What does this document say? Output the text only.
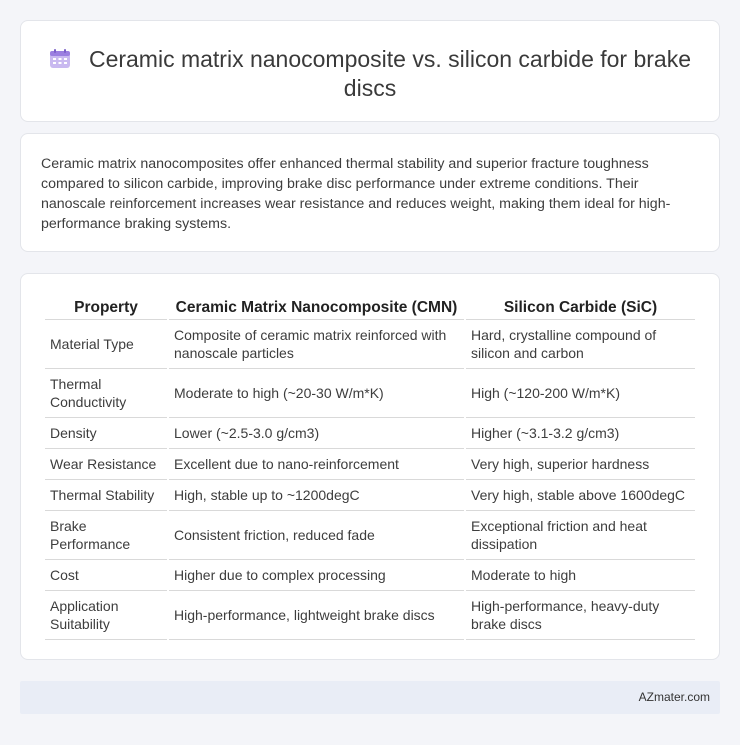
Ceramic matrix nanocomposite vs. silicon carbide for brake discs

Ceramic matrix nanocomposites offer enhanced thermal stability and superior fracture toughness compared to silicon carbide, improving brake disc performance under extreme conditions. Their nanoscale reinforcement increases wear resistance and reduces weight, making them ideal for high-performance braking systems.

Property	Ceramic Matrix Nanocomposite (CMN)	Silicon Carbide (SiC)
Material Type	Composite of ceramic matrix reinforced with nanoscale particles	Hard, crystalline compound of silicon and carbon
Thermal Conductivity	Moderate to high (~20-30 W/m*K)	High (~120-200 W/m*K)
Density	Lower (~2.5-3.0 g/cm3)	Higher (~3.1-3.2 g/cm3)
Wear Resistance	Excellent due to nano-reinforcement	Very high, superior hardness
Thermal Stability	High, stable up to ~1200degC	Very high, stable above 1600degC
Brake Performance	Consistent friction, reduced fade	Exceptional friction and heat dissipation
Cost	Higher due to complex processing	Moderate to high
Application Suitability	High-performance, lightweight brake discs	High-performance, heavy-duty brake discs
AZmater.com
